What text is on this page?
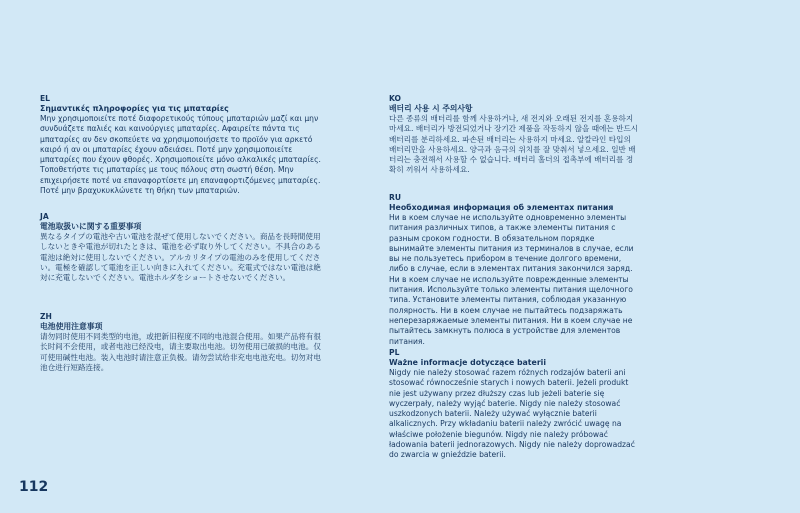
EL
Σημαντικές πληροφορίες για τις μπαταρίες

Μην χρησιμοποιείτε ποτέ διαφορετικούς τύπους μπαταριών μαζί και μην συνδυάζετε παλιές και καινούργιες μπαταρίες. Αφαιρείτε πάντα τις μπαταρίες αν δεν σκοπεύετε να χρησιμοποιήσετε το προϊόν για αρκετό καιρό ή αν οι μπαταρίες έχουν αδειάσει. Ποτέ μην χρησιμοποιείτε μπαταρίες που έχουν φθορές. Χρησιμοποιείτε μόνο αλκαλικές μπαταρίες. Τοποθετήστε τις μπαταρίες με τους πόλους στη σωστή θέση. Μην επιχειρήσετε ποτέ να επαναφορτίσετε μη επαναφορτιζόμενες μπαταρίες. Ποτέ μην βραχυκυκλώνετε τη θήκη των μπαταριών.

JA
電池取扱いに関する重要事項

異なるタイプの電池や古い電池を混ぜて使用しないでください。商品を長時間使用しないときや電池が切れたときは、電池を必ず取り外してください。不具合のある電池は絶対に使用しないでください。アルカリタイプの電池のみを使用してください。電極を確認して電池を正しい向きに入れてください。充電式ではない電池は絶対に充電しないでください。電池ホルダをショートさせないでください。

ZH
电池使用注意事项

请勿同时使用不同类型的电池，或把新旧程度不同的电池混合使用。如果产品将有很长时间不会使用，或者电池已经没电，请主要取出电池。切勿使用已破损的电池。仅可使用碱性电池。装入电池时请注意正负极。请勿尝试给非充电电池充电。切勿对电池仓进行短路连接。

KO
배터리 사용 시 주의사항

다른 종류의 배터리를 함께 사용하거나, 새 전지와 오래된 전지를 혼용하지 마세요. 배터리가 방전되었거나 장기간 제품을 작동하지 않을 때에는 반드시 배터리를 분리하세요. 파손된 배터리는 사용하지 마세요. 알칼라인 타입의 배터리만을 사용하세요. 양극과 음극의 위치를 잘 맞춰서 넣으세요. 일반 배터리는 충전해서 사용할 수 없습니다. 배터리 홀더의 접촉부에 배터리를 정확히 끼워서 사용하세요.

RU
Необходимая информация об элементах питания

Ни в коем случае не используйте одновременно элементы питания различных типов, а также элементы питания с разным сроком годности. В обязательном порядке вынимайте элементы питания из терминалов в случае, если вы не пользуетесь прибором в течение долгого времени, либо в случае, если в элементах питания закончился заряд. Ни в коем случае не используйте поврежденные элементы питания. Используйте только элементы питания щелочного типа. Установите элементы питания, соблюдая указанную полярность. Ни в коем случае не пытайтесь подзаряжать неперезаряжаемые элементы питания. Ни в коем случае не пытайтесь замкнуть полюса в устройстве для элементов питания.

PL
Ważne informacje dotyczące baterii

Nigdy nie należy stosować razem różnych rodzajów baterii ani stosować równocześnie starych i nowych baterii. Jeżeli produkt nie jest używany przez dłuższy czas lub jeżeli baterie się wyczerpały, należy wyjąć baterie. Nigdy nie należy stosować uszkodzonych baterii. Należy używać wyłącznie baterii alkalicznych. Przy wkładaniu baterii należy zwrócić uwagę na właściwe położenie biegunów. Nigdy nie należy próbować ładowania baterii jednorazowych. Nigdy nie należy doprowadzać do zwarcia w gnieździe baterii.

112
